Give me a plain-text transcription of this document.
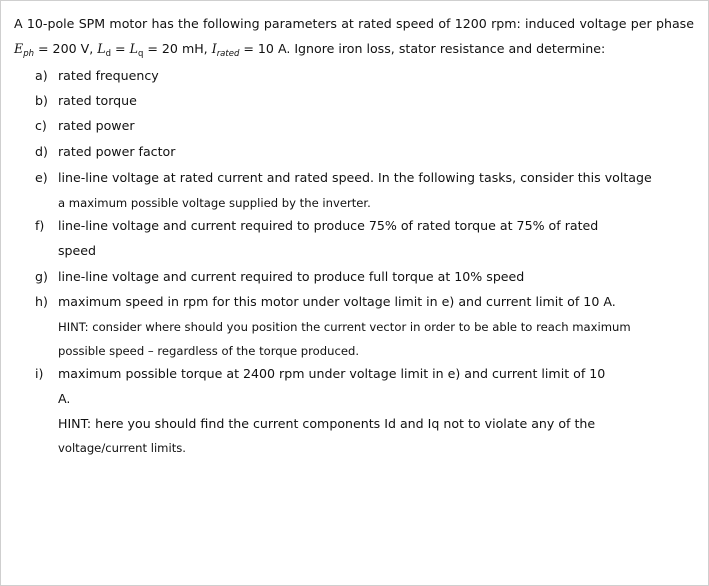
A 10-pole SPM motor has the following parameters at rated speed of 1200 rpm: induced voltage per phase $E_{ph} = 200$ V, $L_d = L_q = 20$ mH, $I_{rated} = 10$ A. Ignore iron loss, stator resistance and determine:
a) rated frequency
b) rated torque
c) rated power
d) rated power factor
e) line-line voltage at rated current and rated speed. In the following tasks, consider this voltage
a maximum possible voltage supplied by the inverter.
f)	line-line voltage and current required to produce 75% of rated torque at 75% of rated
speed
g) line-line voltage and current required to produce full torque at 10% speed
h) maximum speed in rpm for this motor under voltage limit in e) and current limit of 10 A.
HINT: consider where should you position the current vector in order to be able to reach maximum
possible speed – regardless of the torque produced.
i)	maximum possible torque at 2400 rpm under voltage limit in e) and current limit of 10
A.
HINT: here you should find the current components Id and Iq not to violate any of the
voltage/current limits.
